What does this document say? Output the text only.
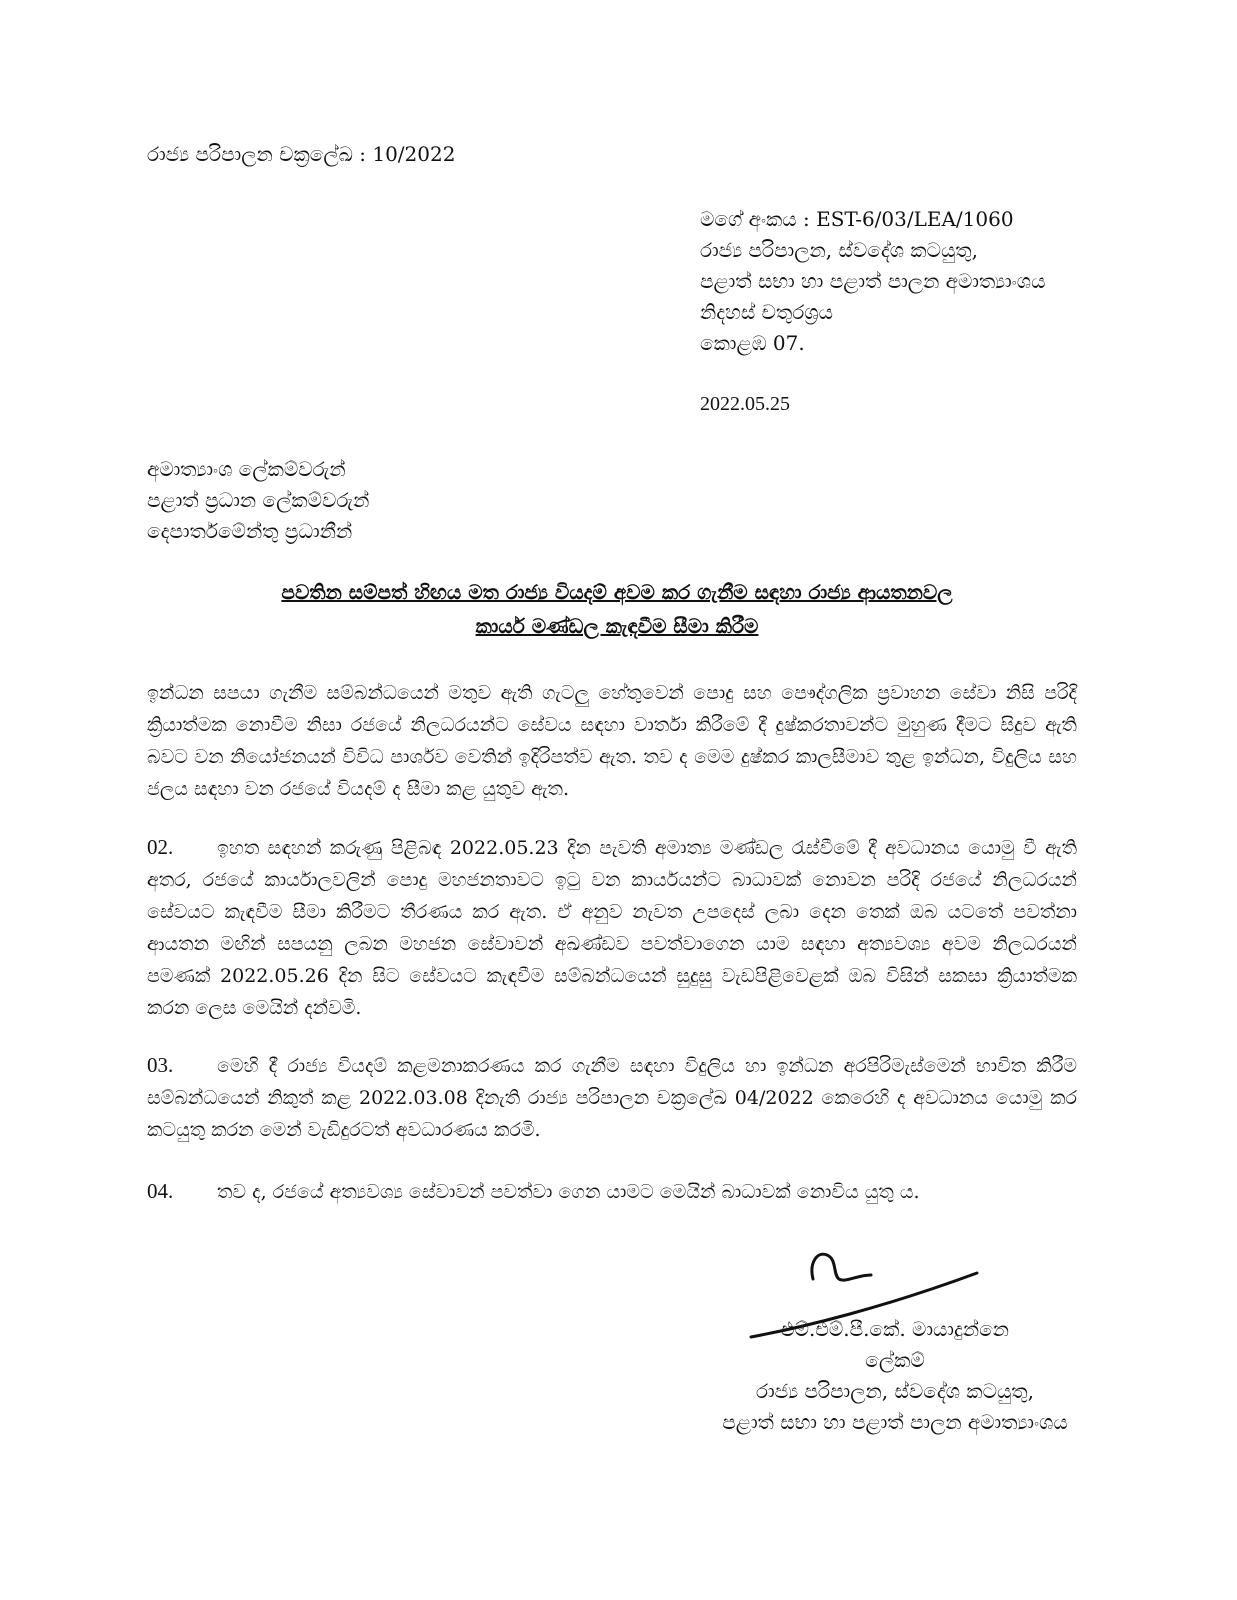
රාජ්‍ය පරිපාලන චක්‍රලේඛ : 10/2022
මගේ අංකය : EST-6/03/LEA/1060
රාජ්‍ය පරිපාලන, ස්වදේශ කටයුතු,
පළාත් සභා හා පළාත් පාලන අමාත්‍යාංශය
නිදහස් චතුරශ්‍රය
කොළඹ 07.
2022.05.25
අමාත්‍යාංශ ලේකම්වරුන්
පළාත් ප්‍රධාන ලේකම්වරුන්
දෙපාර්තමේන්තු ප්‍රධානීන්
පවතින සම්පත් හිඟය මත රාජ්‍ය වියදම් අවම කර ගැනීම සඳහා රාජ්‍ය ආයතනවල
කාර්ය මණ්ඩල කැඳවීම සීමා කිරීම
ඉන්ධන සපයා ගැනීම සම්බන්ධයෙන් මතුව ඇති ගැටලු හේතුවෙන් පොදු සහ පෞද්ගලික ප්‍රවාහන සේවා නිසි පරිදි ක්‍රියාත්මක නොවීම නිසා රජයේ නිලධරයන්ට සේවය සඳහා වාර්තා කිරීමේ දී දුෂ්කරතාවන්ට මුහුණ දීමට සිදුව ඇති බවට වන නියෝජනයන් විවිධ පාර්ශව වෙතින් ඉදිරිපත්ව ඇත. තව ද මෙම දුෂ්කර කාලසීමාව තුළ ඉන්ධන, විදුලිය සහ ජලය සඳහා වන රජයේ වියදම් ද සීමා කළ යුතුව ඇත.
02. ඉහත සඳහන් කරුණු පිළිබඳ 2022.05.23 දින පැවති අමාත්‍ය මණ්ඩල රැස්වීමේ දී අවධානය යොමු වී ඇති අතර, රජයේ කාර්යාලවලින් පොදු මහජනතාවට ඉටු වන කාර්යයන්ට බාධාවක් නොවන පරිදි රජයේ නිලධරයන් සේවයට කැඳවීම සීමා කිරීමට තීරණය කර ඇත. ඒ අනුව නැවත උපදෙස් ලබා දෙන තෙක් ඔබ යටතේ පවත්නා ආයතන මඟින් සපයනු ලබන මහජන සේවාවන් අඛණ්ඩව පවත්වාගෙන යාම සඳහා අත්‍යවශ්‍ය අවම නිලධරයන් පමණක් 2022.05.26 දින සිට සේවයට කැඳවීම සම්බන්ධයෙන් සුදුසු වැඩපිළිවෙළක් ඔබ විසින් සකසා ක්‍රියාත්මක කරන ලෙස මෙයින් දන්වමි.
03. මෙහි දී රාජ්‍ය වියදම් කළමනාකරණය කර ගැනීම සඳහා විදුලිය හා ඉන්ධන අරපිරිමැස්මෙන් භාවිත කිරීම සම්බන්ධයෙන් නිකුත් කළ 2022.03.08 දිනැති රාජ්‍ය පරිපාලන චක්‍රලේඛ 04/2022 කෙරෙහි ද අවධානය යොමු කර කටයුතු කරන මෙන් වැඩිදුරටත් අවධාරණය කරමි.
04. තව ද, රජයේ අත්‍යවශ්‍ය සේවාවන් පවත්වා ගෙන යාමට මෙයින් බාධාවක් නොවිය යුතු ය.
එම්.එම්.පී.කේ. මායාදුන්නෙ
ලේකම්
රාජ්‍ය පරිපාලන, ස්වදේශ කටයුතු,
පළාත් සභා හා පළාත් පාලන අමාත්‍යාංශය
